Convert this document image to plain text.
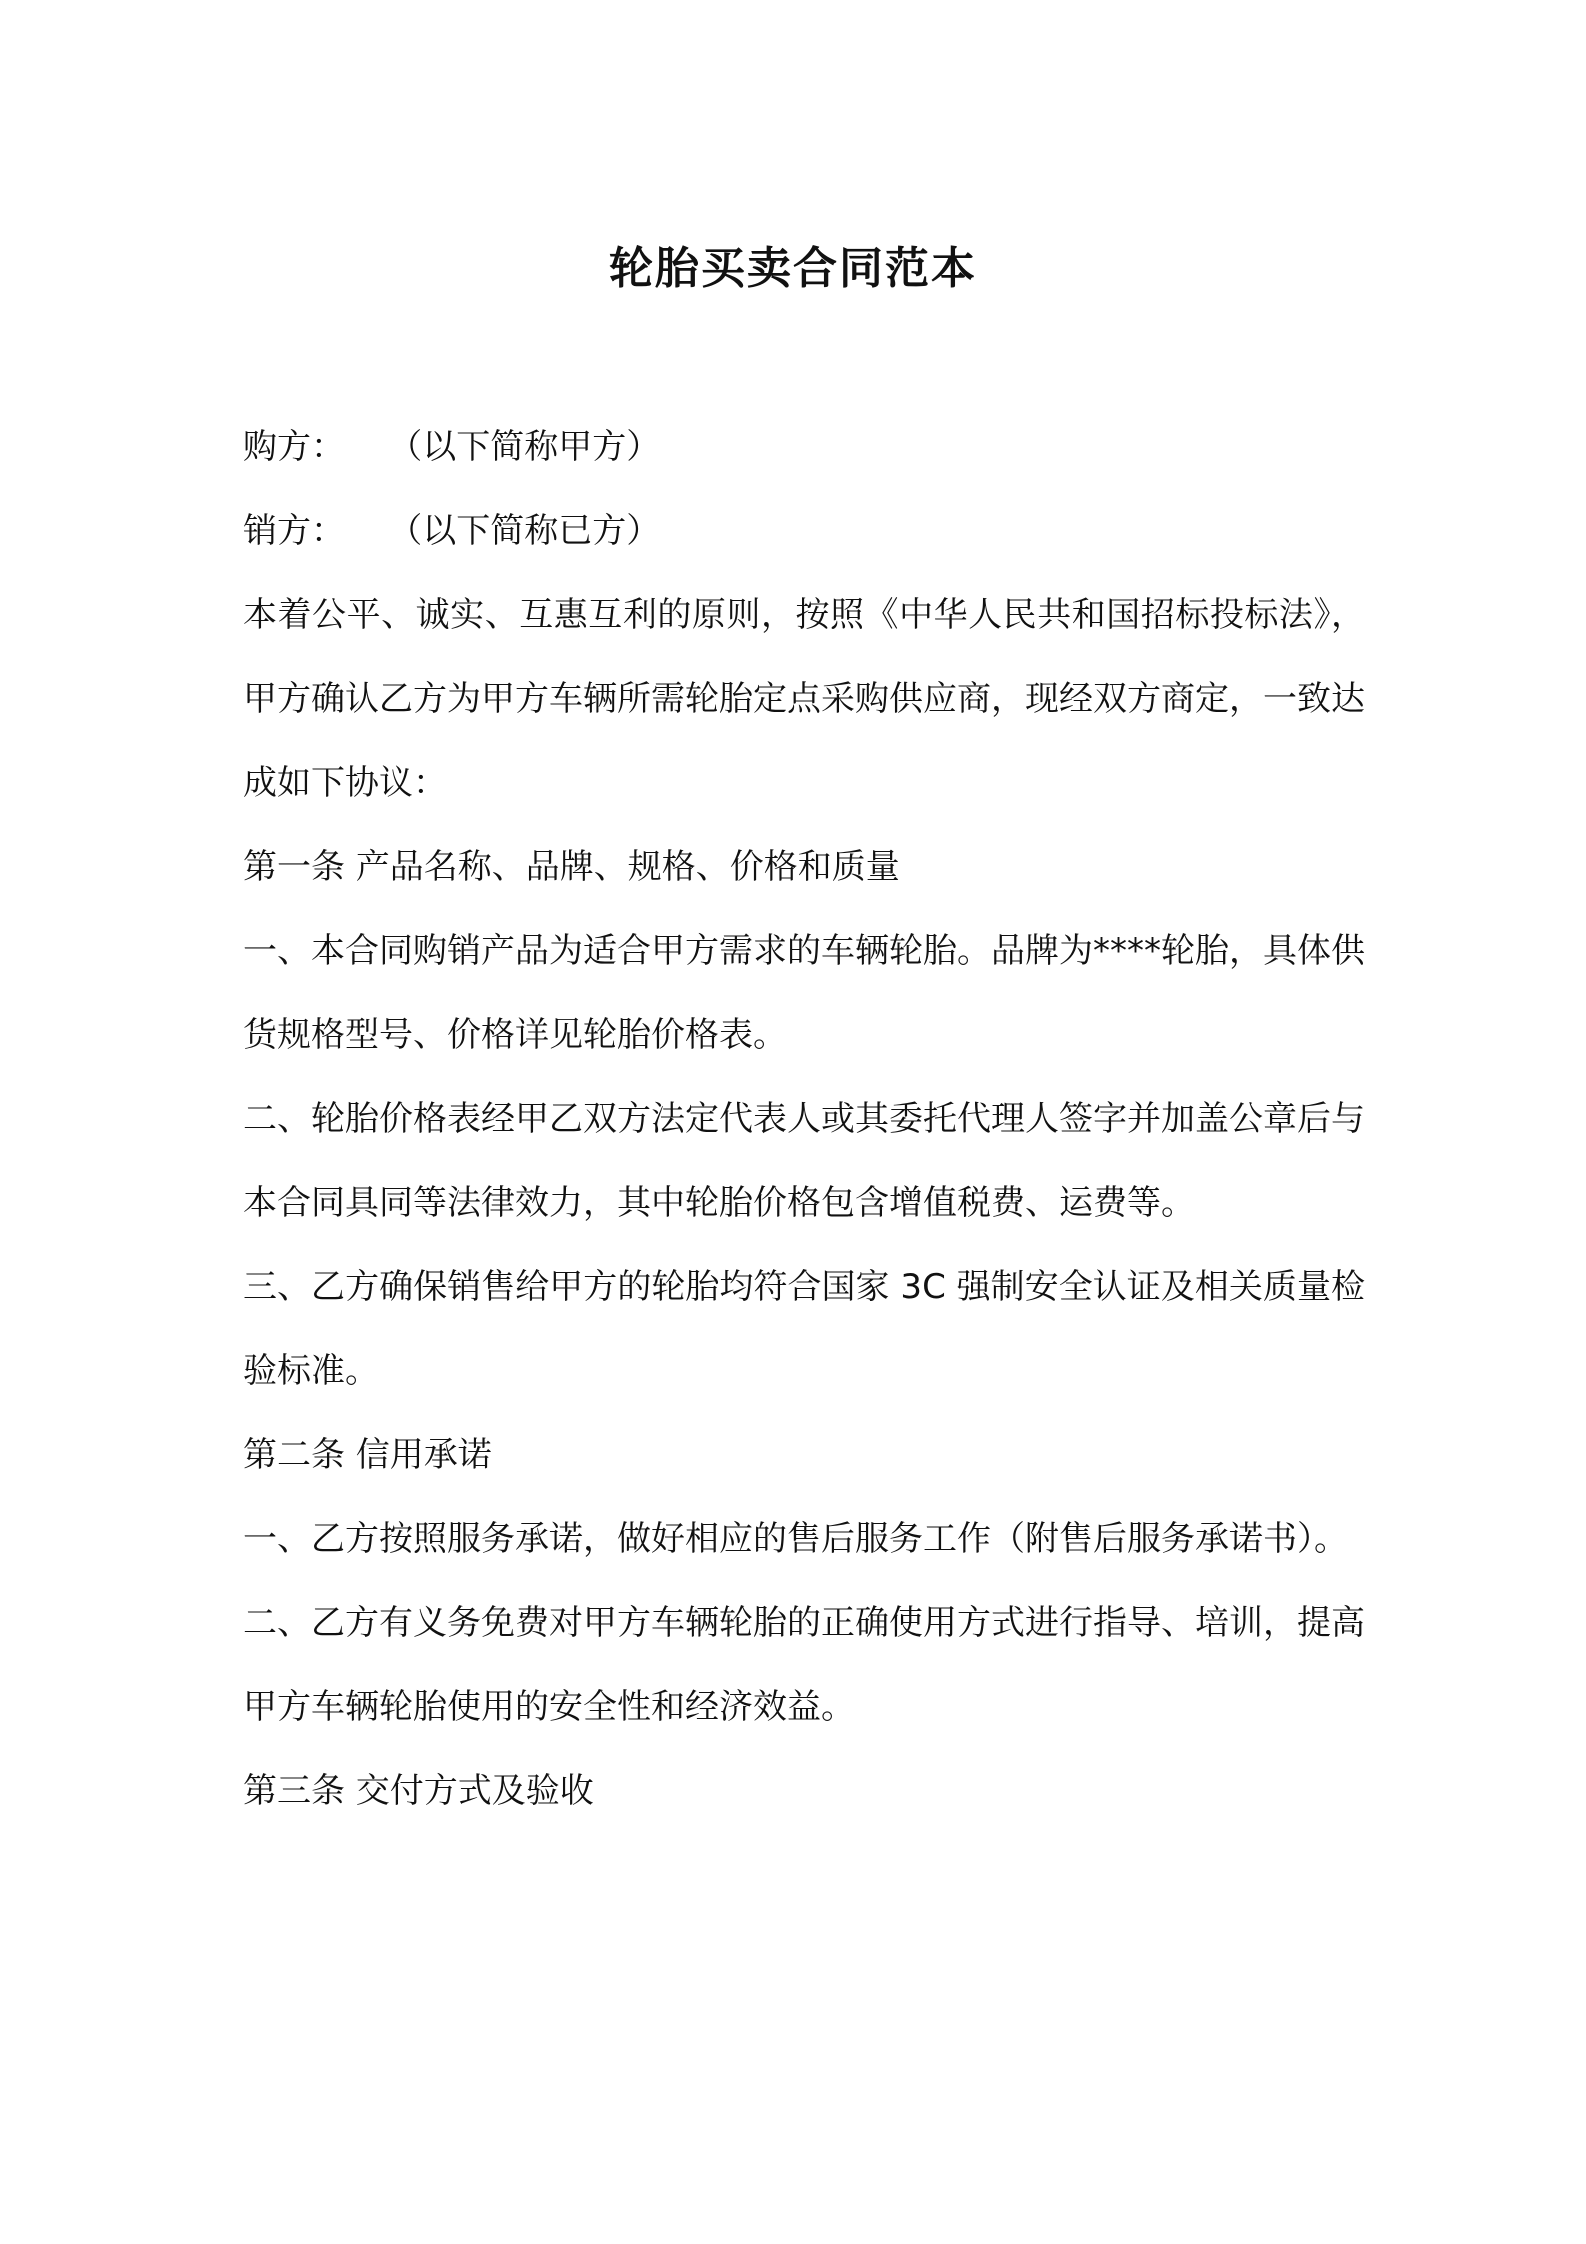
轮胎买卖合同范本

购方：    （以下简称甲方）

销方：    （以下简称已方）

本着公平、诚实、互惠互利的原则，按照《中华人民共和国招标投标法》，甲方确认乙方为甲方车辆所需轮胎定点采购供应商，现经双方商定，一致达成如下协议：

第一条 产品名称、品牌、规格、价格和质量

一、本合同购销产品为适合甲方需求的车辆轮胎。品牌为****轮胎，具体供货规格型号、价格详见轮胎价格表。

二、轮胎价格表经甲乙双方法定代表人或其委托代理人签字并加盖公章后与本合同具同等法律效力，其中轮胎价格包含增值税费、运费等。

三、乙方确保销售给甲方的轮胎均符合国家 3C 强制安全认证及相关质量检验标准。

第二条 信用承诺

一、乙方按照服务承诺，做好相应的售后服务工作（附售后服务承诺书）。

二、乙方有义务免费对甲方车辆轮胎的正确使用方式进行指导、培训，提高甲方车辆轮胎使用的安全性和经济效益。

第三条 交付方式及验收
